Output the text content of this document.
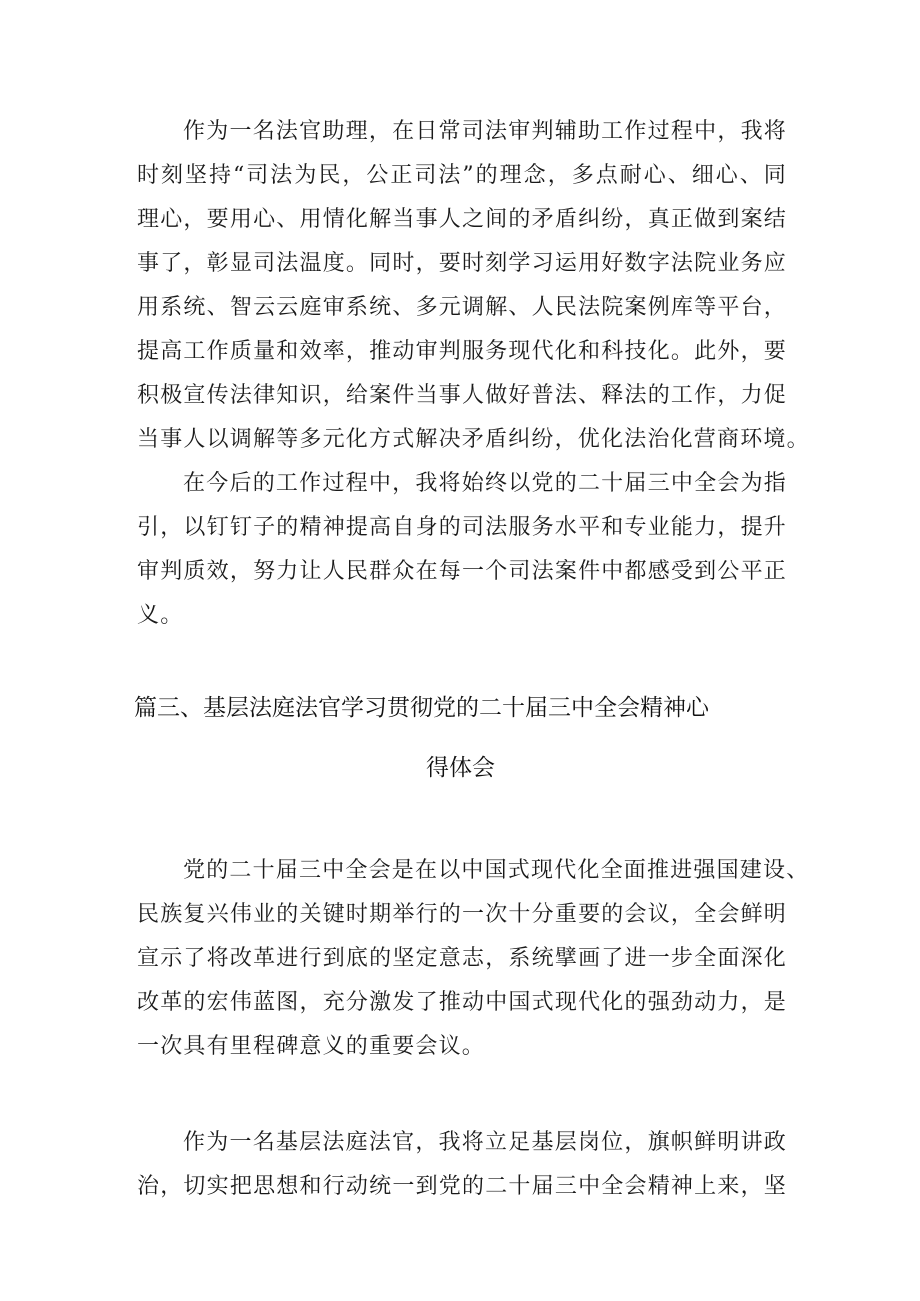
作为一名法官助理，在日常司法审判辅助工作过程中，我将
时刻坚持“司法为民，公正司法”的理念，多点耐心、细心、同
理心，要用心、用情化解当事人之间的矛盾纠纷，真正做到案结
事了，彰显司法温度。同时，要时刻学习运用好数字法院业务应
用系统、智云云庭审系统、多元调解、人民法院案例库等平台，
提高工作质量和效率，推动审判服务现代化和科技化。此外，要
积极宣传法律知识，给案件当事人做好普法、释法的工作，力促
当事人以调解等多元化方式解决矛盾纠纷，优化法治化营商环境。
在今后的工作过程中，我将始终以党的二十届三中全会为指
引，以钉钉子的精神提高自身的司法服务水平和专业能力，提升
审判质效，努力让人民群众在每一个司法案件中都感受到公平正
义。
篇三、基层法庭法官学习贯彻党的二十届三中全会精神心
得体会
党的二十届三中全会是在以中国式现代化全面推进强国建设、
民族复兴伟业的关键时期举行的一次十分重要的会议，全会鲜明
宣示了将改革进行到底的坚定意志，系统擘画了进一步全面深化
改革的宏伟蓝图，充分激发了推动中国式现代化的强劲动力，是
一次具有里程碑意义的重要会议。
作为一名基层法庭法官，我将立足基层岗位，旗帜鲜明讲政
治，切实把思想和行动统一到党的二十届三中全会精神上来，坚
